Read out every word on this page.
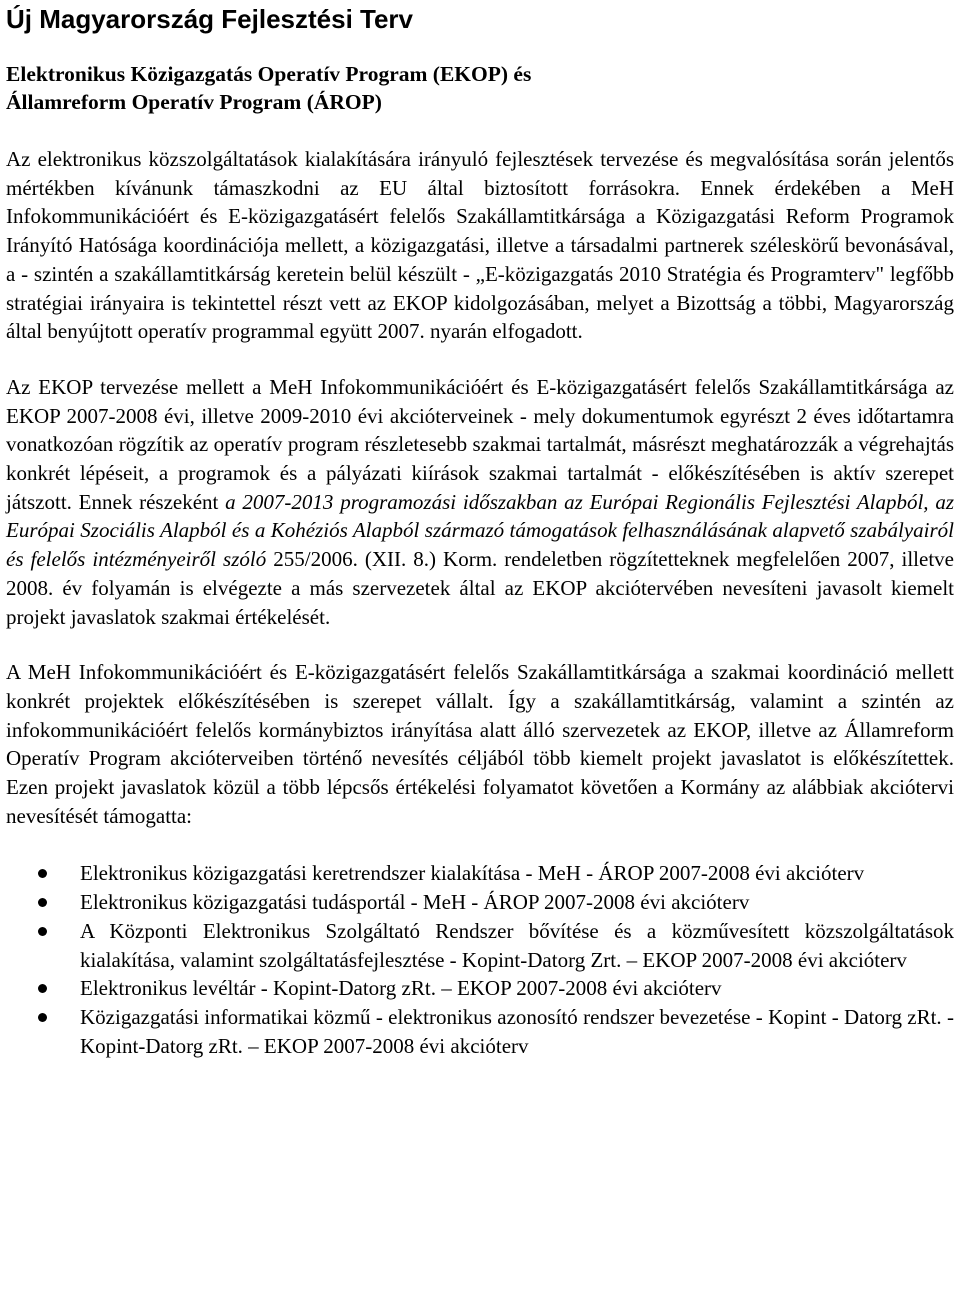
Új Magyarország Fejlesztési Terv
Elektronikus Közigazgatás Operatív Program (EKOP) és
Államreform Operatív Program (ÁROP)

Az elektronikus közszolgáltatások kialakítására irányuló fejlesztések tervezése és megvalósítása során jelentős mértékben kívánunk támaszkodni az EU által biztosított forrásokra. Ennek érdekében a MeH Infokommunikációért és E-közigazgatásért felelős Szakállamtitkársága a Közigazgatási Reform Programok Irányító Hatósága koordinációja mellett, a közigazgatási, illetve a társadalmi partnerek széleskörű bevonásával, a - szintén a szakállamtitkárság keretein belül készült - „E-közigazgatás 2010 Stratégia és Programterv" legfőbb stratégiai irányaira is tekintettel részt vett az EKOP kidolgozásában, melyet a Bizottság a többi, Magyarország által benyújtott operatív programmal együtt 2007. nyarán elfogadott.

Az EKOP tervezése mellett a MeH Infokommunikációért és E-közigazgatásért felelős Szakállamtitkársága az EKOP 2007-2008 évi, illetve 2009-2010 évi akcióterveinek - mely dokumentumok egyrészt 2 éves időtartamra vonatkozóan rögzítik az operatív program részletesebb szakmai tartalmát, másrészt meghatározzák a végrehajtás konkrét lépéseit, a programok és a pályázati kiírások szakmai tartalmát - előkészítésében is aktív szerepet játszott. Ennek részeként a 2007-2013 programozási időszakban az Európai Regionális Fejlesztési Alapból, az Európai Szociális Alapból és a Kohéziós Alapból származó támogatások felhasználásának alapvető szabályairól és felelős intézményeiről szóló 255/2006. (XII. 8.) Korm. rendeletben rögzítetteknek megfelelően 2007, illetve 2008. év folyamán is elvégezte a más szervezetek által az EKOP akciótervében nevesíteni javasolt kiemelt projekt javaslatok szakmai értékelését.

A MeH Infokommunikációért és E-közigazgatásért felelős Szakállamtitkársága a szakmai koordináció mellett konkrét projektek előkészítésében is szerepet vállalt. Így a szakállamtitkárság, valamint a szintén az infokommunikációért felelős kormánybiztos irányítása alatt álló szervezetek az EKOP, illetve az Államreform Operatív Program akcióterveiben történő nevesítés céljából több kiemelt projekt javaslatot is előkészítettek. Ezen projekt javaslatok közül a több lépcsős értékelési folyamatot követően a Kormány az alábbiak akciótervi nevesítését támogatta:

Elektronikus közigazgatási keretrendszer kialakítása - MeH - ÁROP 2007-2008 évi akcióterv
Elektronikus közigazgatási tudásportál - MeH - ÁROP 2007-2008 évi akcióterv
A Központi Elektronikus Szolgáltató Rendszer bővítése és a közművesített közszolgáltatások kialakítása, valamint szolgáltatásfejlesztése - Kopint-Datorg Zrt. – EKOP 2007-2008 évi akcióterv
Elektronikus levéltár - Kopint-Datorg zRt. – EKOP 2007-2008 évi akcióterv
Közigazgatási informatikai közmű - elektronikus azonosító rendszer bevezetése - Kopint - Datorg zRt. - Kopint-Datorg zRt. – EKOP 2007-2008 évi akcióterv
